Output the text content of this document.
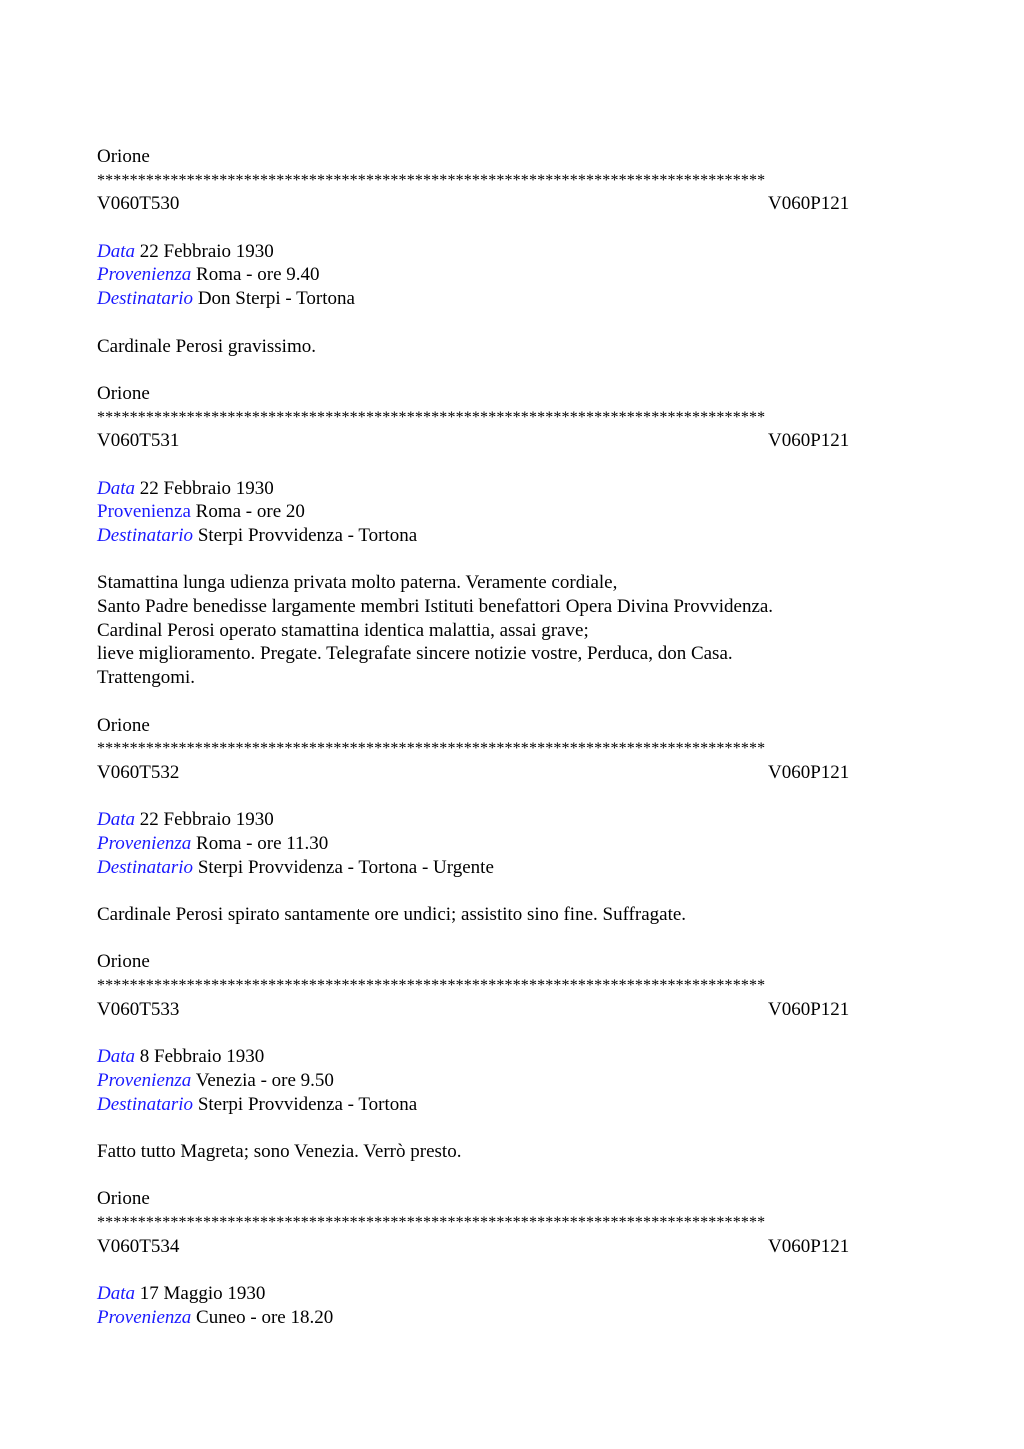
Orione
**********************************************************************************
V060T530	V060P121
Data 22 Febbraio 1930
Provenienza Roma - ore 9.40
Destinatario Don Sterpi - Tortona
Cardinale Perosi gravissimo.
Orione
**********************************************************************************
V060T531	V060P121
Data 22 Febbraio 1930
Provenienza Roma - ore 20
Destinatario Sterpi Provvidenza - Tortona
Stamattina lunga udienza privata molto paterna. Veramente cordiale,
Santo Padre benedisse largamente membri Istituti benefattori Opera Divina Provvidenza.
Cardinal Perosi operato stamattina identica malattia, assai grave;
lieve miglioramento. Pregate. Telegrafate sincere notizie vostre, Perduca, don Casa.
Trattengomi.
Orione
**********************************************************************************
V060T532	V060P121
Data 22 Febbraio 1930
Provenienza Roma - ore 11.30
Destinatario Sterpi Provvidenza - Tortona - Urgente
Cardinale Perosi spirato santamente ore undici; assistito sino fine. Suffragate.
Orione
**********************************************************************************
V060T533	V060P121
Data 8 Febbraio 1930
Provenienza Venezia - ore 9.50
Destinatario Sterpi Provvidenza - Tortona
Fatto tutto Magreta; sono Venezia. Verrò presto.
Orione
**********************************************************************************
V060T534	V060P121
Data 17 Maggio 1930
Provenienza Cuneo - ore 18.20
